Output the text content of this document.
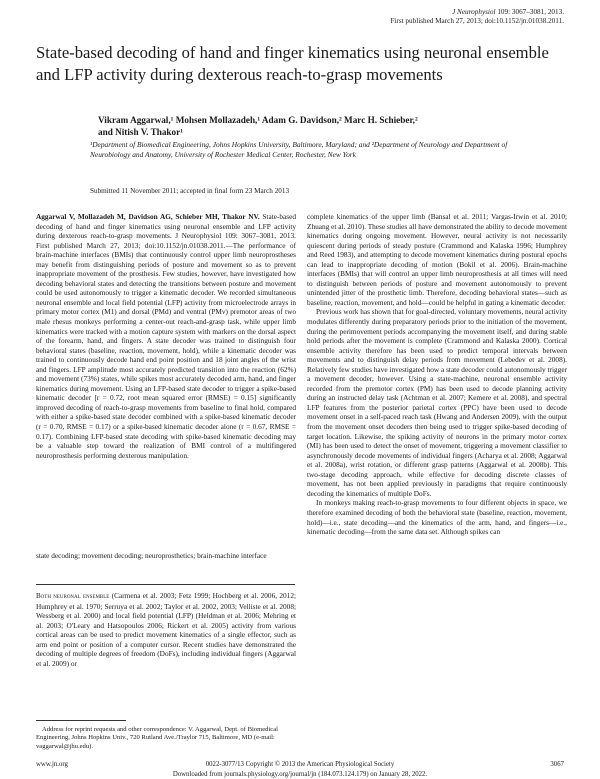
J Neurophysiol 109: 3067–3081, 2013.
First published March 27, 2013; doi:10.1152/jn.01038.2011.
State-based decoding of hand and finger kinematics using neuronal ensemble and LFP activity during dexterous reach-to-grasp movements
Vikram Aggarwal,¹ Mohsen Mollazadeh,¹ Adam G. Davidson,² Marc H. Schieber,²
and Nitish V. Thakor¹
¹Department of Biomedical Engineering, Johns Hopkins University, Baltimore, Maryland; and ²Department of Neurology and Department of Neurobiology and Anatomy, University of Rochester Medical Center, Rochester, New York
Submitted 11 November 2011; accepted in final form 23 March 2013
Aggarwal V, Mollazadeh M, Davidson AG, Schieber MH, Thakor NV. State-based decoding of hand and finger kinematics using neuronal ensemble and LFP activity during dexterous reach-to-grasp movements. J Neurophysiol 109: 3067–3081, 2013. First published March 27, 2013; doi:10.1152/jn.01038.2011.—The performance of brain-machine interfaces (BMIs) that continuously control upper limb neuroprostheses may benefit from distinguishing periods of posture and movement so as to prevent inappropriate movement of the prosthesis. Few studies, however, have investigated how decoding behavioral states and detecting the transitions between posture and movement could be used autonomously to trigger a kinematic decoder. We recorded simultaneous neuronal ensemble and local field potential (LFP) activity from microelectrode arrays in primary motor cortex (M1) and dorsal (PMd) and ventral (PMv) premotor areas of two male rhesus monkeys performing a center-out reach-and-grasp task, while upper limb kinematics were tracked with a motion capture system with markers on the dorsal aspect of the forearm, hand, and fingers. A state decoder was trained to distinguish four behavioral states (baseline, reaction, movement, hold), while a kinematic decoder was trained to continuously decode hand end point position and 18 joint angles of the wrist and fingers. LFP amplitude most accurately predicted transition into the reaction (62%) and movement (73%) states, while spikes most accurately decoded arm, hand, and finger kinematics during movement. Using an LFP-based state decoder to trigger a spike-based kinematic decoder [r = 0.72, root mean squared error (RMSE) = 0.15] significantly improved decoding of reach-to-grasp movements from baseline to final hold, compared with either a spike-based state decoder combined with a spike-based kinematic decoder (r = 0.70, RMSE = 0.17) or a spike-based kinematic decoder alone (r = 0.67, RMSE = 0.17). Combining LFP-based state decoding with spike-based kinematic decoding may be a valuable step toward the realization of BMI control of a multifingered neuroprosthesis performing dexterous manipulation.
state decoding; movement decoding; neuroprosthetics; brain-machine interface
Both neuronal ensemble (Carmena et al. 2003; Fetz 1999; Hochberg et al. 2006, 2012; Humphrey et al. 1970; Serruya et al. 2002; Taylor et al. 2002, 2003; Velliste et al. 2008; Wessberg et al. 2000) and local field potential (LFP) (Heldman et al. 2006; Mehring et al. 2003; O'Leary and Hatsopoulos 2006; Rickert et al. 2005) activity from various cortical areas can be used to predict movement kinematics of a single effector, such as arm end point or position of a computer cursor. Recent studies have demonstrated the decoding of multiple degrees of freedom (DoFs), including individual fingers (Aggarwal et al. 2009) or
Address for reprint requests and other correspondence: V. Aggarwal, Dept. of Biomedical Engineering, Johns Hopkins Univ., 720 Rutland Ave./Traylor 715, Baltimore, MD (e-mail: vaggarwal@jhu.edu).

complete kinematics of the upper limb (Bansal et al. 2011; Vargas-Irwin et al. 2010; Zhuang et al. 2010). These studies all have demonstrated the ability to decode movement kinematics during ongoing movement. However, neural activity is not necessarily quiescent during periods of steady posture (Crammond and Kalaska 1996; Humphrey and Reed 1983), and attempting to decode movement kinematics during postural epochs can lead to inappropriate decoding of motion (Bokil et al. 2006). Brain-machine interfaces (BMIs) that will control an upper limb neuroprosthesis at all times will need to distinguish between periods of posture and movement autonomously to prevent unintended jitter of the prosthetic limb. Therefore, decoding behavioral states—such as baseline, reaction, movement, and hold—could be helpful in gating a kinematic decoder.

Previous work has shown that for goal-directed, voluntary movements, neural activity modulates differently during preparatory periods prior to the initiation of the movement, during the perimovement periods accompanying the movement itself, and during stable hold periods after the movement is complete (Crammond and Kalaska 2000). Cortical ensemble activity therefore has been used to predict temporal intervals between movements and to distinguish delay periods from movement (Lebedev et al. 2008). Relatively few studies have investigated how a state decoder could autonomously trigger a movement decoder, however. Using a state-machine, neuronal ensemble activity recorded from the premotor cortex (PM) has been used to decode planning activity during an instructed delay task (Achtman et al. 2007; Kemere et al. 2008), and spectral LFP features from the posterior parietal cortex (PPC) have been used to decode movement onset in a self-paced reach task (Hwang and Andersen 2009), with the output from the movement onset decoders then being used to trigger spike-based decoding of target location. Likewise, the spiking activity of neurons in the primary motor cortex (MI) has been used to detect the onset of movement, triggering a movement classifier to asynchronously decode movements of individual fingers (Acharya et al. 2008; Aggarwal et al. 2008a), wrist rotation, or different grasp patterns (Aggarwal et al. 2008b). This two-stage decoding approach, while effective for decoding discrete classes of movement, has not been applied previously in paradigms that require continuously decoding the kinematics of multiple DoFs.

In monkeys making reach-to-grasp movements to four different objects in space, we therefore examined decoding of both the behavioral state (baseline, reaction, movement, hold)—i.e., state decoding—and the kinematics of the arm, hand, and fingers—i.e., kinematic decoding—from the same data set. Although spikes can

www.jn.org	0022-3077/13 Copyright © 2013 the American Physiological Society	3067
Downloaded from journals.physiology.org/journal/jn (184.073.124.179) on January 28, 2022.
